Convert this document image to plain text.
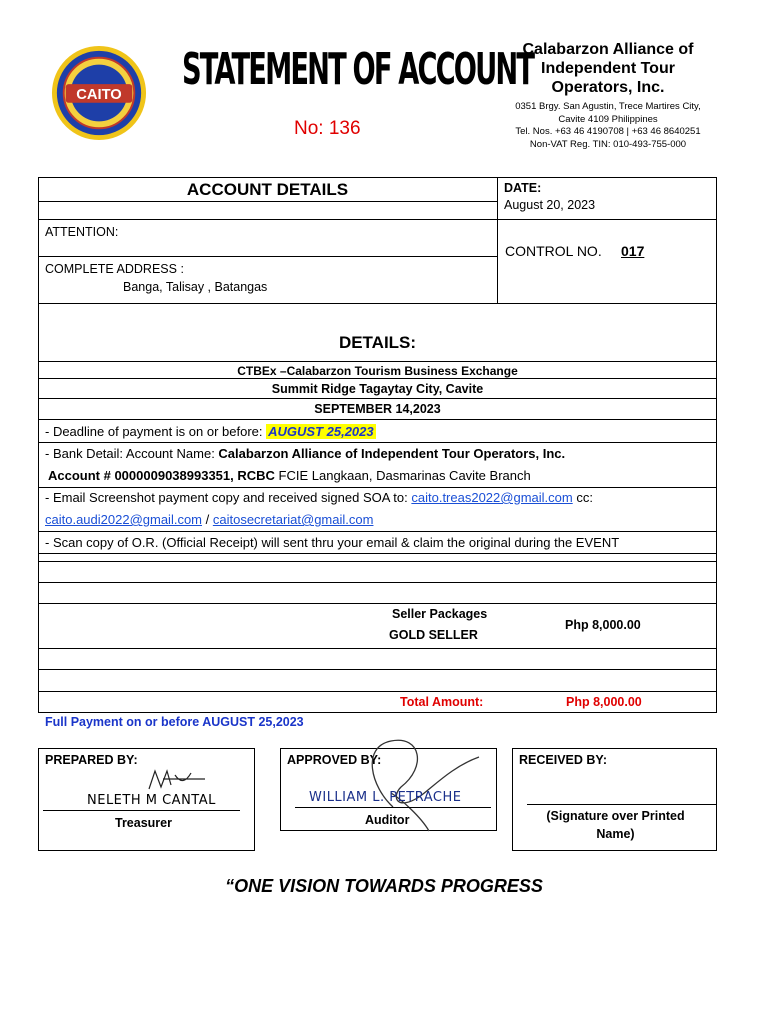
CAITO STATEMENT OF ACCOUNT
No: 136
Calabarzon Alliance of Independent Tour Operators, Inc.
0351 Brgy. San Agustin, Trece Martires City,
Cavite 4109 Philippines
Tel. Nos. +63 46 4190708 | +63 46 8640251
Non-VAT Reg. TIN: 010-493-755-000
ACCOUNT DETAILS	DATE:
August 20, 2023
ATTENTION:
CONTROL NO. 017
COMPLETE ADDRESS :
Banga, Talisay , Batangas
DETAILS:
CTBEx –Calabarzon Tourism Business Exchange
Summit Ridge Tagaytay City, Cavite
SEPTEMBER 14,2023
- Deadline of payment is on or before: AUGUST 25,2023
- Bank Detail: Account Name: Calabarzon Alliance of Independent Tour Operators, Inc.
Account # 0000009038993351, RCBC FCIE Langkaan, Dasmarinas Cavite Branch
- Email Screenshot payment copy and received signed SOA to: caito.treas2022@gmail.com cc:
caito.audi2022@gmail.com / caitosecretariat@gmail.com
- Scan copy of O.R. (Official Receipt) will sent thru your email & claim the original during the EVENT
Seller Packages
GOLD SELLER
Php 8,000.00
Total Amount:	Php 8,000.00
Full Payment on or before AUGUST 25,2023
PREPARED BY:
NELETH M CANTAL
Treasurer
APPROVED BY:
WILLIAM L. PETRACHE
Auditor
RECEIVED BY:
(Signature over Printed
Name)
“ONE VISION TOWARDS PROGRESS
